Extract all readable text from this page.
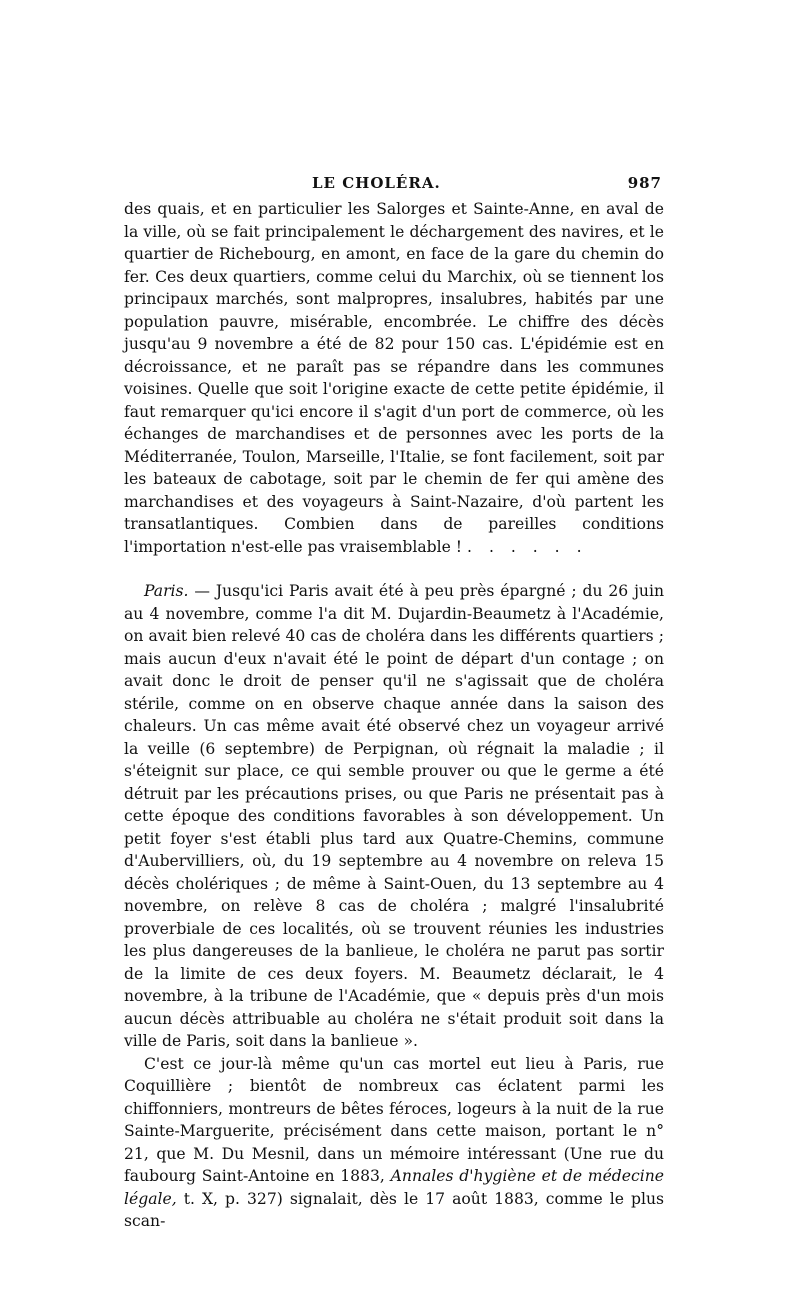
LE CHOLÉRA.	987

des quais, et en particulier les Salorges et Sainte-Anne, en aval de la ville, où se fait principalement le déchargement des navires, et le quartier de Richebourg, en amont, en face de la gare du chemin do fer. Ces deux quartiers, comme celui du Marchix, où se tiennent los principaux marchés, sont malpropres, insalubres, habités par une population pauvre, misérable, encombrée. Le chiffre des décès jusqu'au 9 novembre a été de 82 pour 150 cas. L'épidémie est en décroissance, et ne paraît pas se répandre dans les communes voisines. Quelle que soit l'origine exacte de cette petite épidémie, il faut remarquer qu'ici encore il s'agit d'un port de commerce, où les échanges de marchandises et de personnes avec les ports de la Méditerranée, Toulon, Marseille, l'Italie, se font facilement, soit par les bateaux de cabotage, soit par le chemin de fer qui amène des marchandises et des voyageurs à Saint-Nazaire, d'où partent les transatlantiques. Combien dans de pareilles conditions l'importation n'est-elle pas vraisemblable ! . . . . . .

Paris. — Jusqu'ici Paris avait été à peu près épargné ; du 26 juin au 4 novembre, comme l'a dit M. Dujardin-Beaumetz à l'Académie, on avait bien relevé 40 cas de choléra dans les différents quartiers ; mais aucun d'eux n'avait été le point de départ d'un contage ; on avait donc le droit de penser qu'il ne s'agissait que de choléra stérile, comme on en observe chaque année dans la saison des chaleurs. Un cas même avait été observé chez un voyageur arrivé la veille (6 septembre) de Perpignan, où régnait la maladie ; il s'éteignit sur place, ce qui semble prouver ou que le germe a été détruit par les précautions prises, ou que Paris ne présentait pas à cette époque des conditions favorables à son développement. Un petit foyer s'est établi plus tard aux Quatre-Chemins, commune d'Aubervilliers, où, du 19 septembre au 4 novembre on releva 15 décès cholériques ; de même à Saint-Ouen, du 13 septembre au 4 novembre, on relève 8 cas de choléra ; malgré l'insalubrité proverbiale de ces localités, où se trouvent réunies les industries les plus dangereuses de la banlieue, le choléra ne parut pas sortir de la limite de ces deux foyers. M. Beaumetz déclarait, le 4 novembre, à la tribune de l'Académie, que « depuis près d'un mois aucun décès attribuable au choléra ne s'était produit soit dans la ville de Paris, soit dans la banlieue ».

C'est ce jour-là même qu'un cas mortel eut lieu à Paris, rue Coquillière ; bientôt de nombreux cas éclatent parmi les chiffonniers, montreurs de bêtes féroces, logeurs à la nuit de la rue Sainte-Marguerite, précisément dans cette maison, portant le n° 21, que M. Du Mesnil, dans un mémoire intéressant (Une rue du faubourg Saint-Antoine en 1883, Annales d'hygiène et de médecine légale, t. X, p. 327) signalait, dès le 17 août 1883, comme le plus scan-
